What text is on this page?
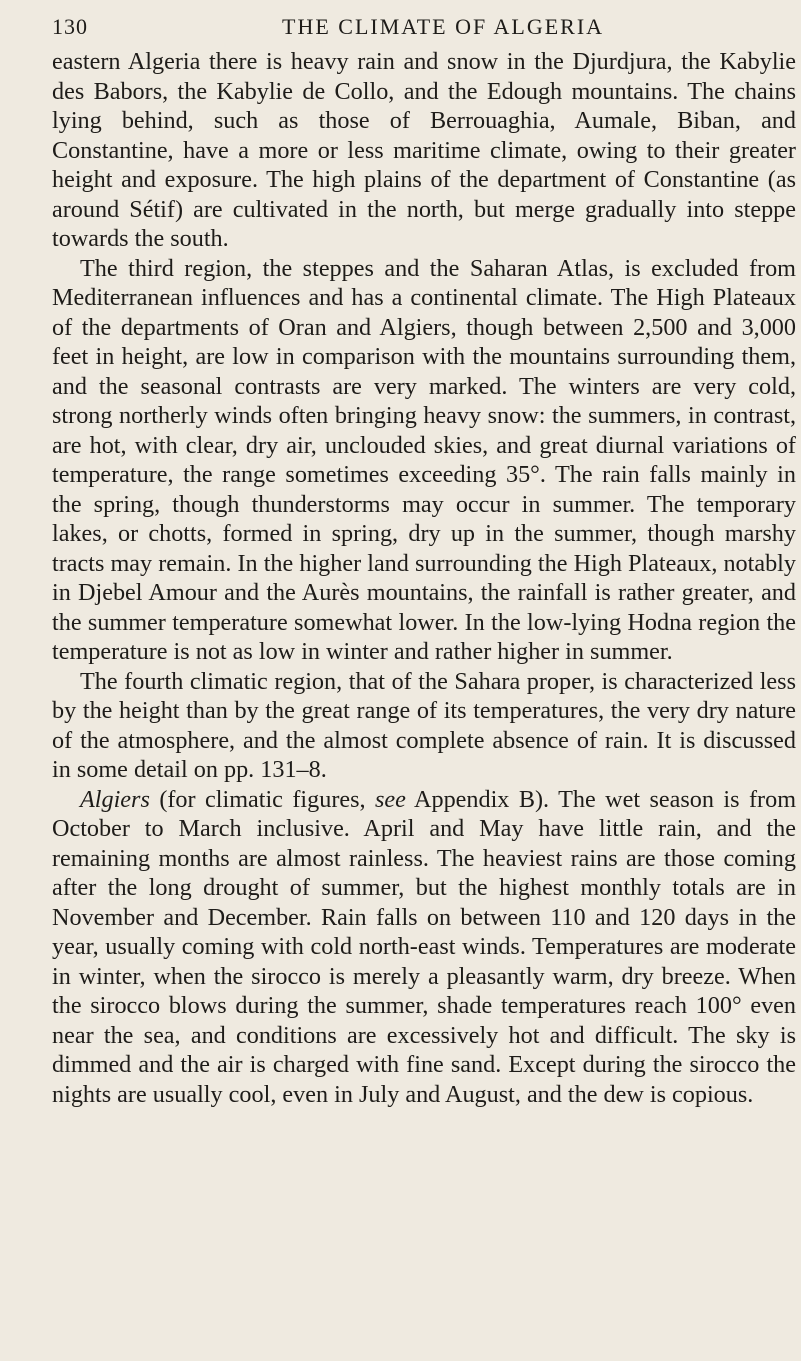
130	THE CLIMATE OF ALGERIA

eastern Algeria there is heavy rain and snow in the Djurdjura, the Kabylie des Babors, the Kabylie de Collo, and the Edough mountains. The chains lying behind, such as those of Berrouaghia, Aumale, Biban, and Constantine, have a more or less maritime climate, owing to their greater height and exposure. The high plains of the department of Constantine (as around Sétif) are cultivated in the north, but merge gradually into steppe towards the south.

The third region, the steppes and the Saharan Atlas, is excluded from Mediterranean influences and has a continental climate. The High Plateaux of the departments of Oran and Algiers, though between 2,500 and 3,000 feet in height, are low in comparison with the mountains surrounding them, and the seasonal contrasts are very marked. The winters are very cold, strong northerly winds often bringing heavy snow: the summers, in contrast, are hot, with clear, dry air, unclouded skies, and great diurnal variations of temperature, the range sometimes exceeding 35°. The rain falls mainly in the spring, though thunderstorms may occur in summer. The temporary lakes, or chotts, formed in spring, dry up in the summer, though marshy tracts may remain. In the higher land surrounding the High Plateaux, notably in Djebel Amour and the Aurès mountains, the rainfall is rather greater, and the summer temperature somewhat lower. In the low-lying Hodna region the temperature is not as low in winter and rather higher in summer.

The fourth climatic region, that of the Sahara proper, is characterized less by the height than by the great range of its temperatures, the very dry nature of the atmosphere, and the almost complete absence of rain. It is discussed in some detail on pp. 131–8.

Algiers (for climatic figures, see Appendix B). The wet season is from October to March inclusive. April and May have little rain, and the remaining months are almost rainless. The heaviest rains are those coming after the long drought of summer, but the highest monthly totals are in November and December. Rain falls on between 110 and 120 days in the year, usually coming with cold north-east winds. Temperatures are moderate in winter, when the sirocco is merely a pleasantly warm, dry breeze. When the sirocco blows during the summer, shade temperatures reach 100° even near the sea, and conditions are excessively hot and difficult. The sky is dimmed and the air is charged with fine sand. Except during the sirocco the nights are usually cool, even in July and August, and the dew is copious.
